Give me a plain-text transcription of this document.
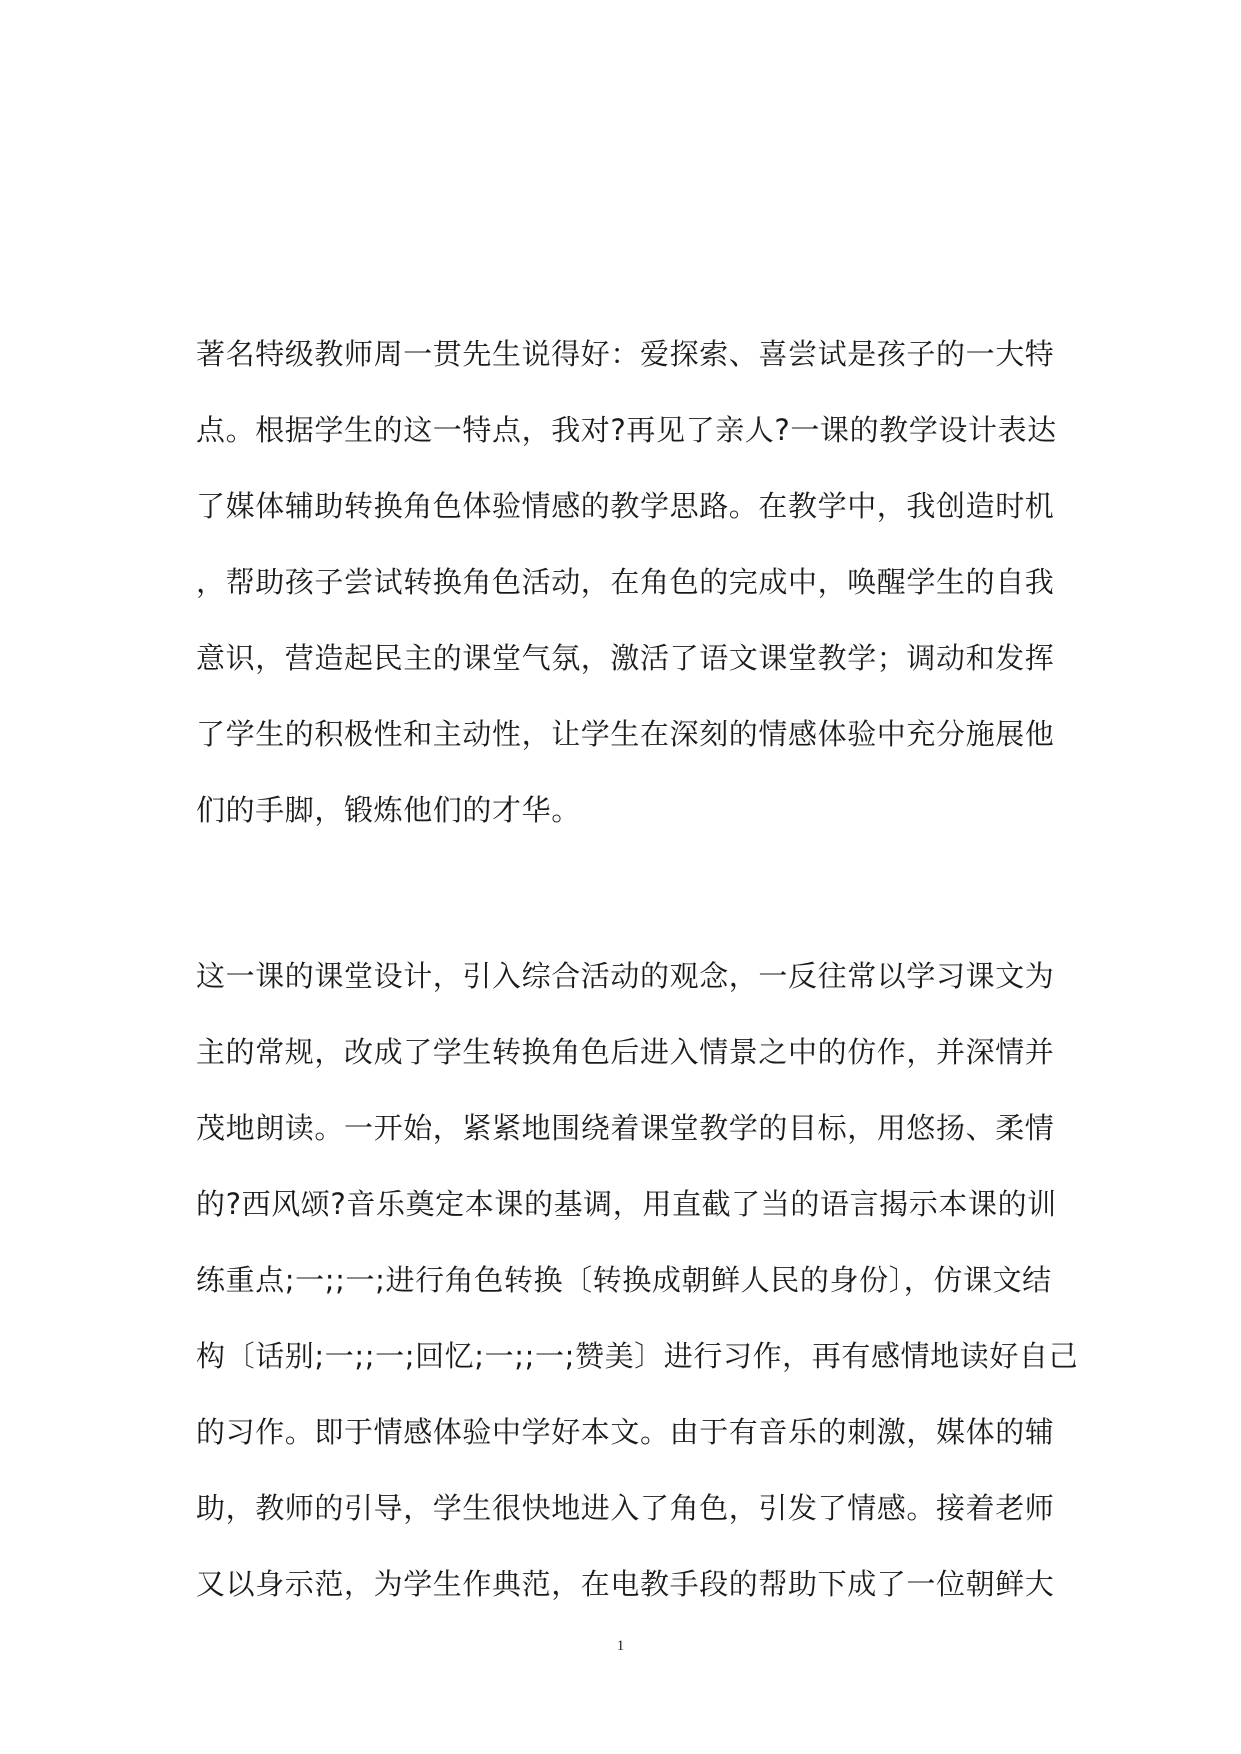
著名特级教师周一贯先生说得好：爱探索、喜尝试是孩子的一大特
点。根据学生的这一特点，我对?再见了亲人?一课的教学设计表达
了媒体辅助转换角色体验情感的教学思路。在教学中，我创造时机
，帮助孩子尝试转换角色活动，在角色的完成中，唤醒学生的自我
意识，营造起民主的课堂气氛，激活了语文课堂教学；调动和发挥
了学生的积极性和主动性，让学生在深刻的情感体验中充分施展他
们的手脚，锻炼他们的才华。
这一课的课堂设计，引入综合活动的观念，一反往常以学习课文为
主的常规，改成了学生转换角色后进入情景之中的仿作，并深情并
茂地朗读。一开始，紧紧地围绕着课堂教学的目标，用悠扬、柔情
的?西风颂?音乐奠定本课的基调，用直截了当的语言揭示本课的训
练重点;一;;一;进行角色转换〔转换成朝鲜人民的身份〕，仿课文结
构〔话别;一;;一;回忆;一;;一;赞美〕进行习作，再有感情地读好自己
的习作。即于情感体验中学好本文。由于有音乐的刺激，媒体的辅
助，教师的引导，学生很快地进入了角色，引发了情感。接着老师
又以身示范，为学生作典范，在电教手段的帮助下成了一位朝鲜大
1
